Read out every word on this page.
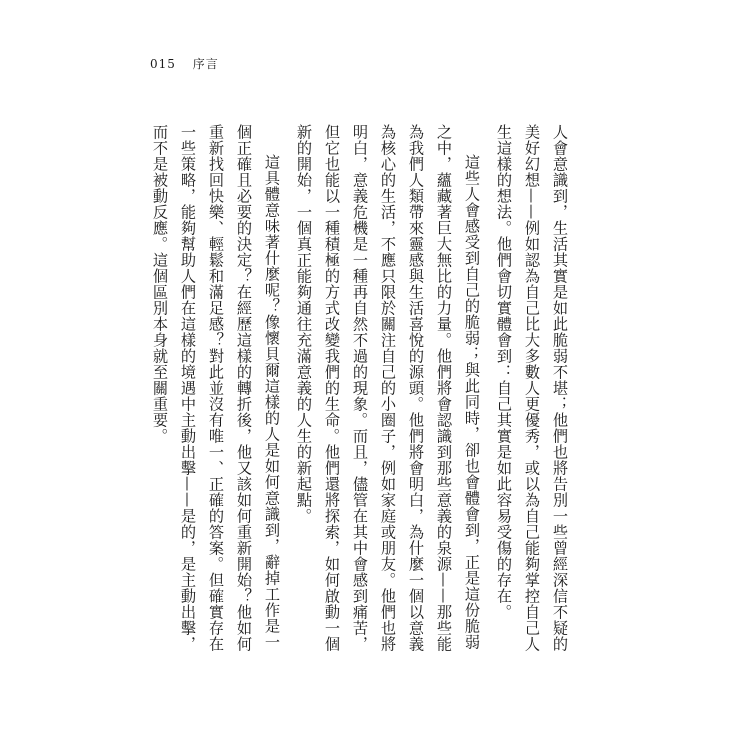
015 序言

人會意識到，生活其實是如此脆弱不堪；他們也將告別一些曾經深信不疑的美好幻想——例如認為自己比大多數人更優秀，或以為自己能夠掌控自己人生這樣的想法。他們會切實體會到：自己其實是如此容易受傷的存在。

這些人會感受到自己的脆弱；與此同時，卻也會體會到，正是這份脆弱之中，蘊藏著巨大無比的力量。他們將會認識到那些意義的泉源——那些能為我們人類帶來靈感與生活喜悅的源頭。他們將會明白，為什麼一個以意義為核心的生活，不應只限於關注自己的小圈子，例如家庭或朋友。他們也將明白，意義危機是一種再自然不過的現象。而且，儘管在其中會感到痛苦，但它也能以一種積極的方式改變我們的生命。他們還將探索，如何啟動一個新的開始，一個真正能夠通往充滿意義的人生的新起點。

這具體意味著什麼呢？像懷貝爾這樣的人是如何意識到，辭掉工作是一個正確且必要的決定？在經歷這樣的轉折後，他又該如何重新開始？他如何重新找回快樂、輕鬆和滿足感？對此並沒有唯一、正確的答案。但確實存在一些策略，能夠幫助人們在這樣的境遇中主動出擊——是的，是主動出擊，而不是被動反應。這個區別本身就至關重要。
